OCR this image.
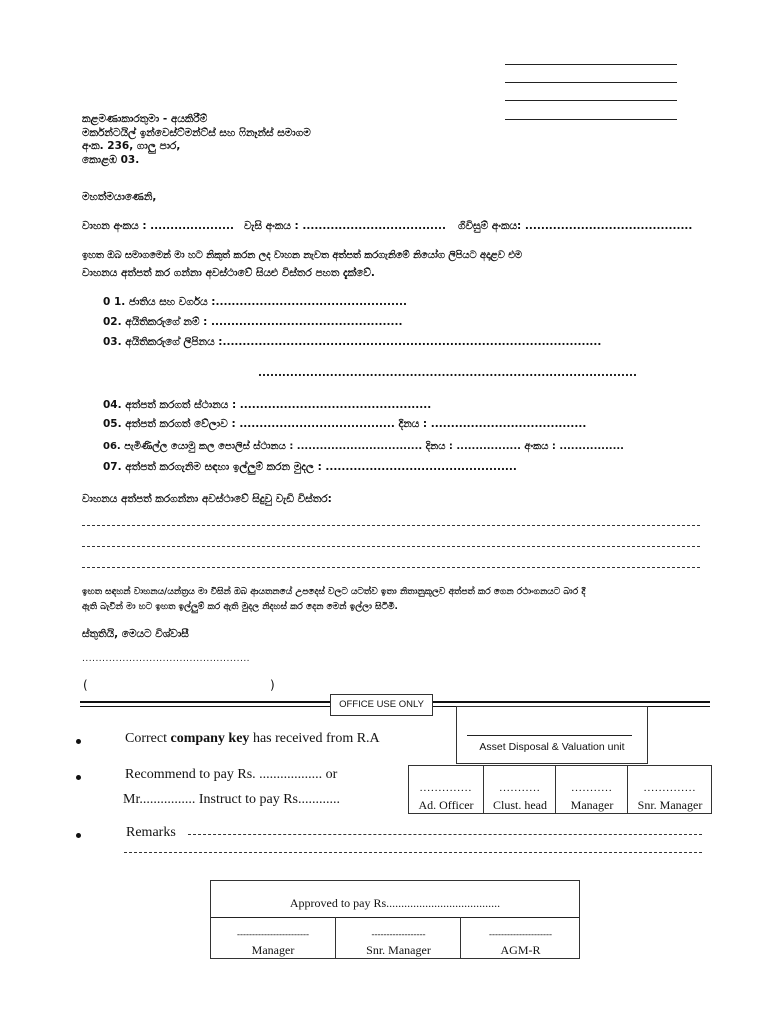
කළමණාකාරතුමා - අයකිරීම්
මර්කන්ටයිල් ඉන්වෙස්ට්මන්ට්ස් සහ ෆිනෑන්ස් සමාගම
අංක. 236, ගාලු පාර,
කොළඹ 03.
මහත්මයාණෙනි,
වාහන අංකය : ..................... වැසි අංකය : .................................... ගිවිසුම් අංකය: ..........................................
ඉහත ඔබ සමාගමෙන් මා හට නිකුත් කරන ලද වාහන නැවත අත්පත් කරගැනිමේ නියෝග ලිපියට අදාළව එම
වාහනය අත්පත් කර ගන්නා අවස්ථාවේ සියළු විස්තර පහත දැක්වේ.
0 1. ජාතිය සහ වර්ගය :................................................
02. අයිතිකරුගේ නම් : ................................................
03. අයිතිකරුගේ ලිපිනය :...............................................................................................
...............................................................................................
04. අත්පත් කරගත් ස්ථානය : ................................................
05. අත්පත් කරගත් වේලාව : ....................................... දිනය : .......................................
06. පැමිණිල්ල යොමු කල පොලිස් ස්ථානය : ................................. දිනය : ................. අංකය : .................
07. අත්පත් කරගැනිම සඳහා ඉල්ලුම් කරන මුදල : ................................................
වාහනය අත්පත් කරගන්නා අවස්ථාවේ සිදුවු වැඩි විස්තර:
ඉහත සඳහන් වාහනය/යන්ත්‍රය මා විසින් ඔබ ආයතනයේ උපදෙස් වලට යටත්ව ඉතා නිතානුකූලව අත්පත් කර ගෙන රථාංගනයට බාර දී
ඇති බැවින් මා හට ඉහත ඉල්ලුම් කර ඇති මුදල නිදහස් කර දෙන මෙන් ඉල්ලා සිටිමි.
ස්තුතියි, මෙයට විශ්වාසී
..................................................
(	)
OFFICE USE ONLY
Asset Disposal & Valuation unit
Correct company key has received from R.A
Recommend to pay Rs. .................. or
Mr................ Instruct to pay Rs............
..............
Ad. Officer
...........
Clust. head
...........
Manager
..............
Snr. Manager
Remarks
Approved to pay Rs......................................
------------------------
Manager
------------------
Snr. Manager
---------------------
AGM-R
